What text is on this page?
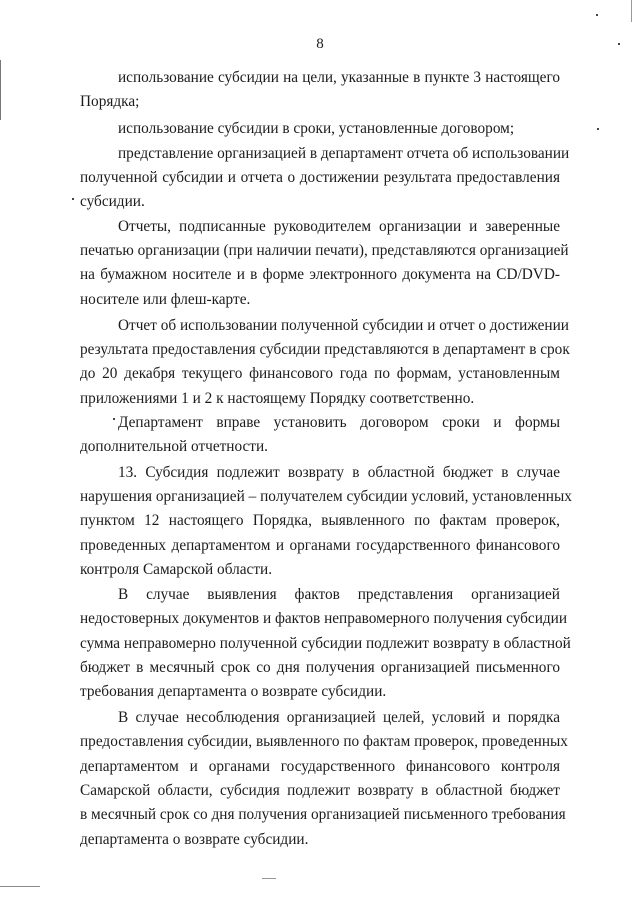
8
использование субсидии на цели, указанные в пункте 3 настоящего
Порядка;
использование субсидии в сроки, установленные договором;
представление организацией в департамент отчета об использовании
полученной субсидии и отчета о достижении результата предоставления
субсидии.
Отчеты, подписанные руководителем организации и заверенные
печатью организации (при наличии печати), представляются организацией
на бумажном носителе и в форме электронного документа на CD/DVD-
носителе или флеш-карте.
Отчет об использовании полученной субсидии и отчет о достижении
результата предоставления субсидии представляются в департамент в срок
до 20 декабря текущего финансового года по формам, установленным
приложениями 1 и 2 к настоящему Порядку соответственно.
Департамент вправе установить договором сроки и формы
дополнительной отчетности.
13. Субсидия подлежит возврату в областной бюджет в случае
нарушения организацией – получателем субсидии условий, установленных
пунктом 12 настоящего Порядка, выявленного по фактам проверок,
проведенных департаментом и органами государственного финансового
контроля Самарской области.
В случае выявления фактов представления организацией
недостоверных документов и фактов неправомерного получения субсидии
сумма неправомерно полученной субсидии подлежит возврату в областной
бюджет в месячный срок со дня получения организацией письменного
требования департамента о возврате субсидии.
В случае несоблюдения организацией целей, условий и порядка
предоставления субсидии, выявленного по фактам проверок, проведенных
департаментом и органами государственного финансового контроля
Самарской области, субсидия подлежит возврату в областной бюджет
в месячный срок со дня получения организацией письменного требования
департамента о возврате субсидии.
